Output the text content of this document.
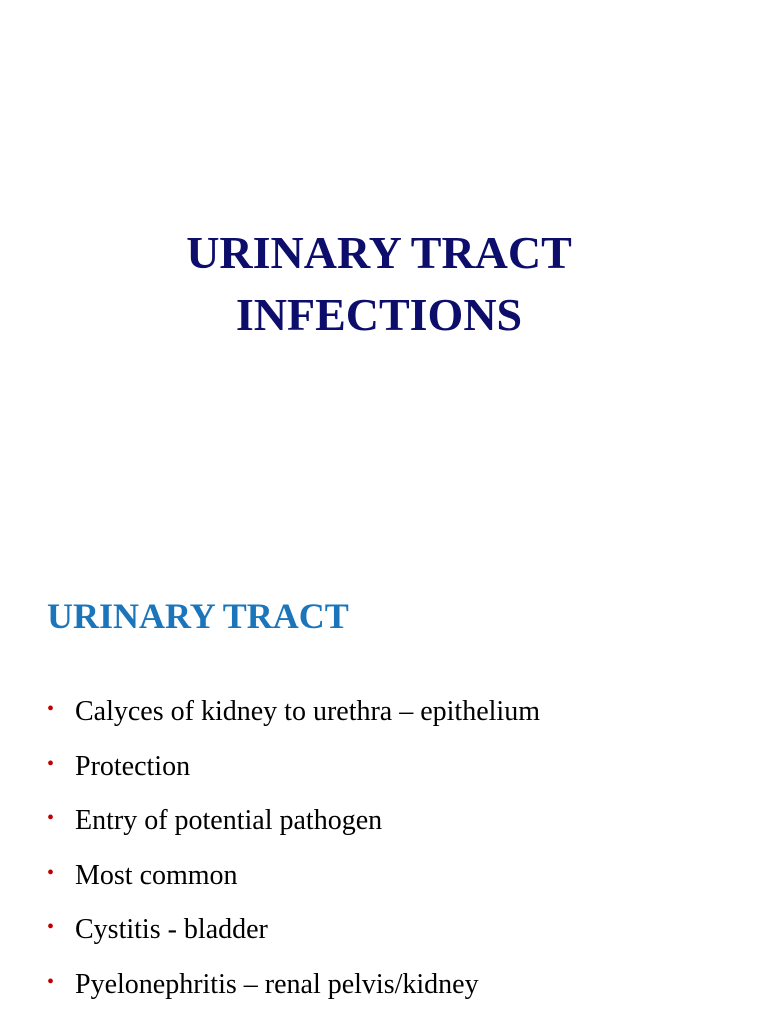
URINARY TRACT
INFECTIONS
URINARY TRACT
• Calyces of kidney to urethra – epithelium
• Protection
• Entry of potential pathogen
• Most common
• Cystitis - bladder
• Pyelonephritis – renal pelvis/kidney
